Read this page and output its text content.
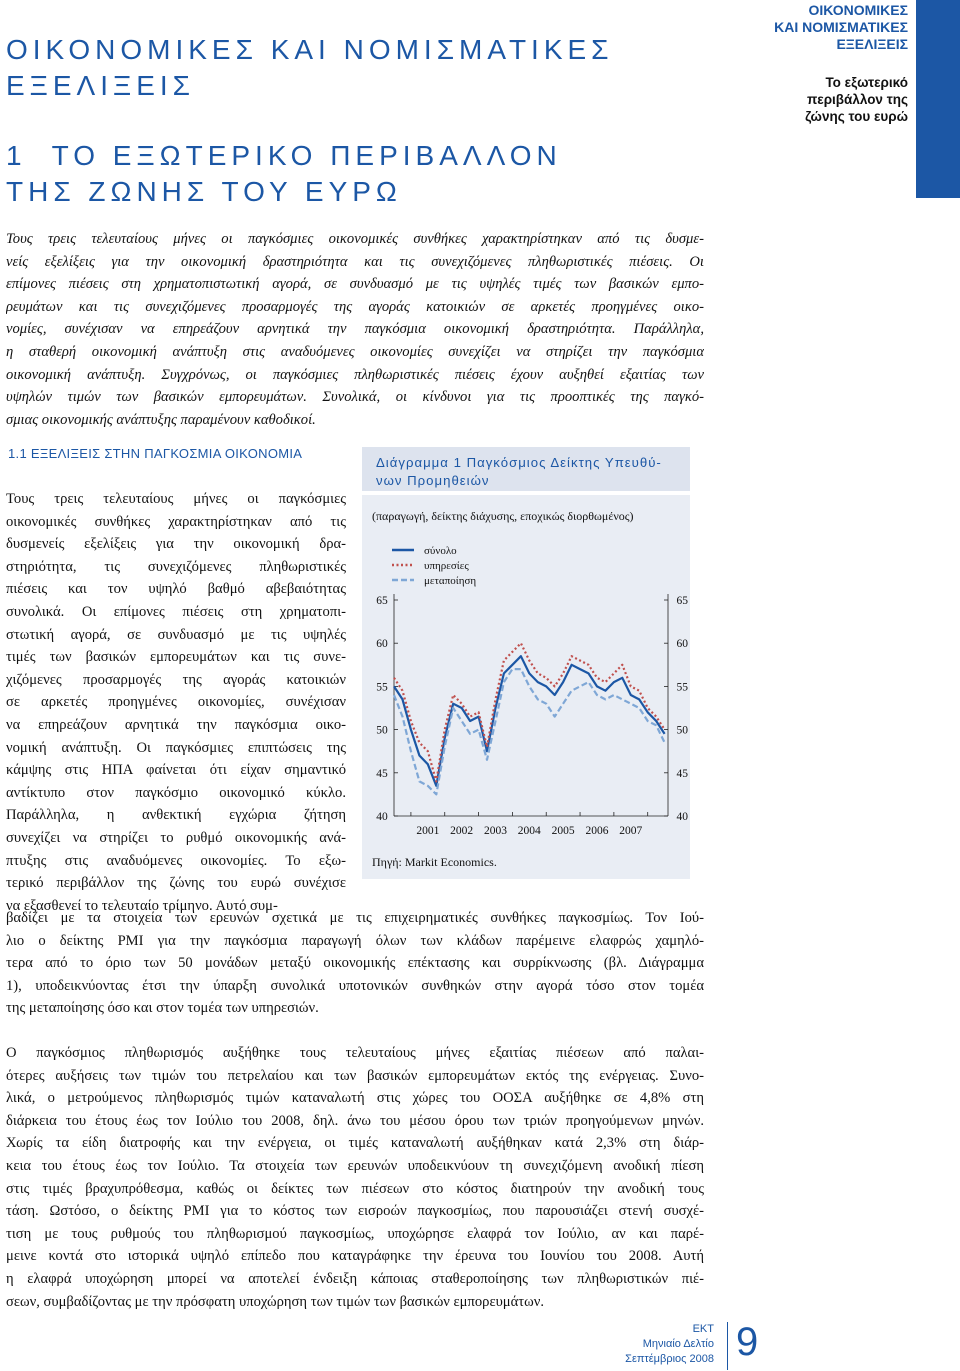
ΟΙΚΟΝΟΜΙΚΕΣ ΚΑΙ ΝΟΜΙΣΜΑΤΙΚΕΣ
ΕΞΕΛΙΞΕΙΣ
1  ΤΟ ΕΞΩΤΕΡΙΚΟ ΠΕΡΙΒΑΛΛΟΝ
ΤΗΣ ΖΩΝΗΣ ΤΟΥ ΕΥΡΩ
ΟΙΚΟΝΟΜΙΚΕΣ
ΚΑΙ ΝΟΜΙΣΜΑΤΙΚΕΣ
ΕΞΕΛΙΞΕΙΣ
Το εξωτερικό
περιβάλλον της
ζώνης του ευρώ
Τους τρεις τελευταίους μήνες οι παγκόσμιες οικονομικές συνθήκες χαρακτηρίστηκαν από τις δυσμε-
νείς εξελίξεις για την οικονομική δραστηριότητα και τις συνεχιζόμενες πληθωριστικές πιέσεις. Οι
επίμονες πιέσεις στη χρηματοπιστωτική αγορά, σε συνδυασμό με τις υψηλές τιμές των βασικών εμπο-
ρευμάτων και τις συνεχιζόμενες προσαρμογές της αγοράς κατοικιών σε αρκετές προηγμένες οικο-
νομίες, συνέχισαν να επηρεάζουν αρνητικά την παγκόσμια οικονομική δραστηριότητα. Παράλληλα,
η σταθερή οικονομική ανάπτυξη στις αναδυόμενες οικονομίες συνεχίζει να στηρίζει την παγκόσμια
οικονομική ανάπτυξη. Συγχρόνως, οι παγκόσμιες πληθωριστικές πιέσεις έχουν αυξηθεί εξαιτίας των
υψηλών τιμών των βασικών εμπορευμάτων. Συνολικά, οι κίνδυνοι για τις προοπτικές της παγκό-
σμιας οικονομικής ανάπτυξης παραμένουν καθοδικοί.
1.1 ΕΞΕΛΙΞΕΙΣ ΣΤΗΝ ΠΑΓΚΟΣΜΙΑ ΟΙΚΟΝΟΜΙΑ
Τους τρεις τελευταίους μήνες οι παγκόσμιες
οικονομικές συνθήκες χαρακτηρίστηκαν από τις
δυσμενείς εξελίξεις για την οικονομική δρα-
στηριότητα, τις συνεχιζόμενες πληθωριστικές
πιέσεις και τον υψηλό βαθμό αβεβαιότητας
συνολικά. Οι επίμονες πιέσεις στη χρηματοπι-
στωτική αγορά, σε συνδυασμό με τις υψηλές
τιμές των βασικών εμπορευμάτων και τις συνε-
χιζόμενες προσαρμογές της αγοράς κατοικιών
σε αρκετές προηγμένες οικονομίες, συνέχισαν
να επηρεάζουν αρνητικά την παγκόσμια οικο-
νομική ανάπτυξη. Οι παγκόσμιες επιπτώσεις της
κάμψης στις ΗΠΑ φαίνεται ότι είχαν σημαντικό
αντίκτυπο στον παγκόσμιο οικονομικό κύκλο.
Παράλληλα, η ανθεκτική εγχώρια ζήτηση
συνεχίζει να στηρίζει το ρυθμό οικονομικής ανά-
πτυξης στις αναδυόμενες οικονομίες. Το εξω-
τερικό περιβάλλον της ζώνης του ευρώ συνέχισε
να εξασθενεί το τελευταίο τρίμηνο. Αυτό συμ-
βαδίζει με τα στοιχεία των ερευνών σχετικά με τις επιχειρηματικές συνθήκες παγκοσμίως. Τον Ιού-
λιο ο δείκτης PMI για την παγκόσμια παραγωγή όλων των κλάδων παρέμεινε ελαφρώς χαμηλό-
τερα από το όριο των 50 μονάδων μεταξύ οικονομικής επέκτασης και συρρίκνωσης (βλ. Διάγραμμα
1), υποδεικνύοντας έτσι την ύπαρξη συνολικά υποτονικών συνθηκών στην αγορά τόσο στον τομέα
της μεταποίησης όσο και στον τομέα των υπηρεσιών.
Ο παγκόσμιος πληθωρισμός αυξήθηκε τους τελευταίους μήνες εξαιτίας πιέσεων από παλαι-
ότερες αυξήσεις των τιμών του πετρελαίου και των βασικών εμπορευμάτων εκτός της ενέργειας. Συνο-
λικά, ο μετρούμενος πληθωρισμός τιμών καταναλωτή στις χώρες του ΟΟΣΑ αυξήθηκε σε 4,8% στη
διάρκεια του έτους έως τον Ιούλιο του 2008, δηλ. άνω του μέσου όρου των τριών προηγούμενων μηνών.
Χωρίς τα είδη διατροφής και την ενέργεια, οι τιμές καταναλωτή αυξήθηκαν κατά 2,3% στη διάρ-
κεια του έτους έως τον Ιούλιο. Τα στοιχεία των ερευνών υποδεικνύουν τη συνεχιζόμενη ανοδική πίεση
στις τιμές βραχυπρόθεσμα, καθώς οι δείκτες των πιέσεων στο κόστος διατηρούν την ανοδική τους
τάση. Ωστόσο, ο δείκτης PMI για το κόστος των εισροών παγκοσμίως, που παρουσιάζει στενή συσχέ-
τιση με τους ρυθμούς του πληθωρισμού παγκοσμίως, υποχώρησε ελαφρά τον Ιούλιο, αν και παρέ-
μεινε κοντά στο ιστορικά υψηλό επίπεδο που καταγράφηκε την έρευνα του Ιουνίου του 2008. Αυτή
η ελαφρά υποχώρηση μπορεί να αποτελεί ένδειξη κάποιας σταθεροποίησης των πληθωριστικών πιέ-
σεων, συμβαδίζοντας με την πρόσφατη υποχώρηση των τιμών των βασικών εμπορευμάτων.
Διάγραμμα 1 Παγκόσμιος Δείκτης Υπευθύ-
νων Προμηθειών
(παραγωγή, δείκτης διάχυσης, εποχικώς διορθωμένος)
40	40
45	45
50	50
55	55
60	60
65	65
2001 2002 2003 2004 2005 2006 2007
σύνολο
υπηρεσίες
μεταποίηση
Πηγή: Markit Economics.
ΕΚΤ
Μηνιαίο Δελτίο
Σεπτέμβριος 2008 9
